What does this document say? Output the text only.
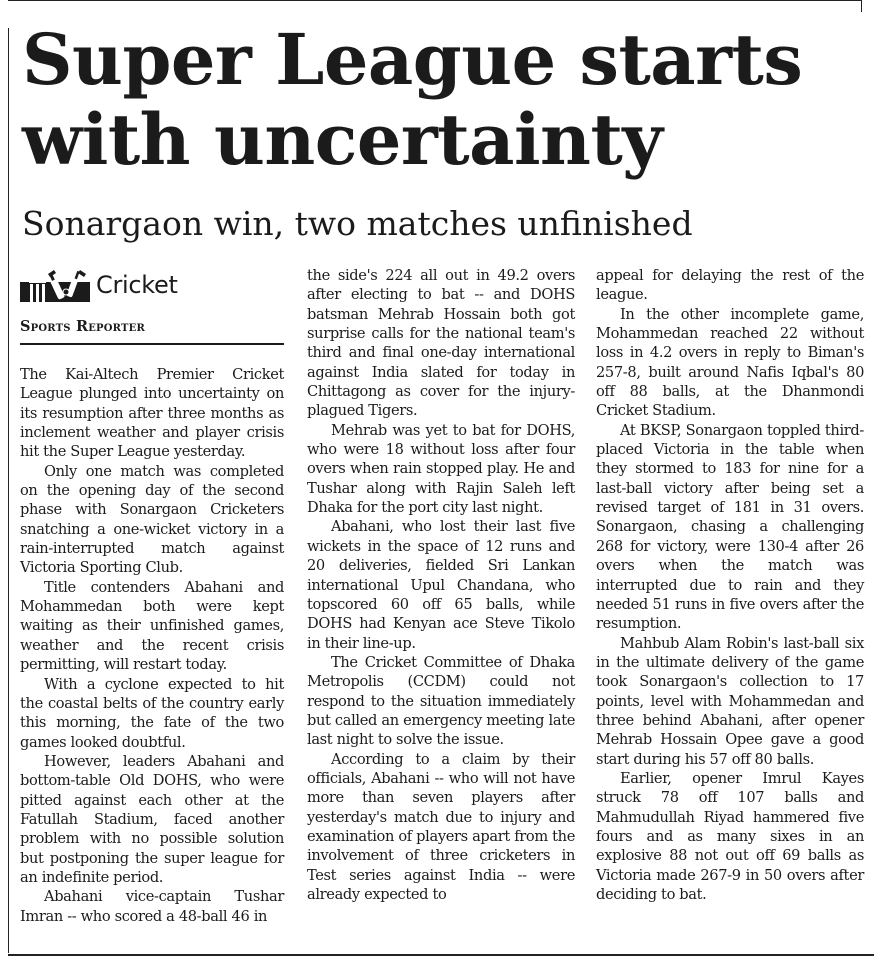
Super League starts
with uncertainty
Sonargaon win, two matches unfinished
Cricket
Sports Reporter

The Kai-Altech Premier Cricket League plunged into uncertainty on its resumption after three months as inclement weather and player crisis hit the Super League yesterday.

Only one match was completed on the opening day of the second phase with Sonargaon Cricketers snatching a one-wicket victory in a rain-interrupted match against Victoria Sporting Club.

Title contenders Abahani and Mohammedan both were kept waiting as their unfinished games, weather and the recent crisis permitting, will restart today.

With a cyclone expected to hit the coastal belts of the country early this morning, the fate of the two games looked doubtful.

However, leaders Abahani and bottom-table Old DOHS, who were pitted against each other at the Fatullah Stadium, faced another problem with no possible solution but postponing the super league for an indefinite period.

Abahani vice-captain Tushar Imran -- who scored a 48-ball 46 in

the side's 224 all out in 49.2 overs after electing to bat -- and DOHS batsman Mehrab Hossain both got surprise calls for the national team's third and final one-day international against India slated for today in Chittagong as cover for the injury-plagued Tigers.

Mehrab was yet to bat for DOHS, who were 18 without loss after four overs when rain stopped play. He and Tushar along with Rajin Saleh left Dhaka for the port city last night.

Abahani, who lost their last five wickets in the space of 12 runs and 20 deliveries, fielded Sri Lankan international Upul Chandana, who topscored 60 off 65 balls, while DOHS had Kenyan ace Steve Tikolo in their line-up.

The Cricket Committee of Dhaka Metropolis (CCDM) could not respond to the situation immediately but called an emergency meeting late last night to solve the issue.

According to a claim by their officials, Abahani -- who will not have more than seven players after yesterday's match due to injury and examination of players apart from the involvement of three cricketers in Test series against India -- were already expected to

appeal for delaying the rest of the league.

In the other incomplete game, Mohammedan reached 22 without loss in 4.2 overs in reply to Biman's 257-8, built around Nafis Iqbal's 80 off 88 balls, at the Dhanmondi Cricket Stadium.

At BKSP, Sonargaon toppled third-placed Victoria in the table when they stormed to 183 for nine for a last-ball victory after being set a revised target of 181 in 31 overs. Sonargaon, chasing a challenging 268 for victory, were 130-4 after 26 overs when the match was interrupted due to rain and they needed 51 runs in five overs after the resumption.

Mahbub Alam Robin's last-ball six in the ultimate delivery of the game took Sonargaon's collection to 17 points, level with Mohammedan and three behind Abahani, after opener Mehrab Hossain Opee gave a good start during his 57 off 80 balls.

Earlier, opener Imrul Kayes struck 78 off 107 balls and Mahmudullah Riyad hammered five fours and as many sixes in an explosive 88 not out off 69 balls as Victoria made 267-9 in 50 overs after deciding to bat.
